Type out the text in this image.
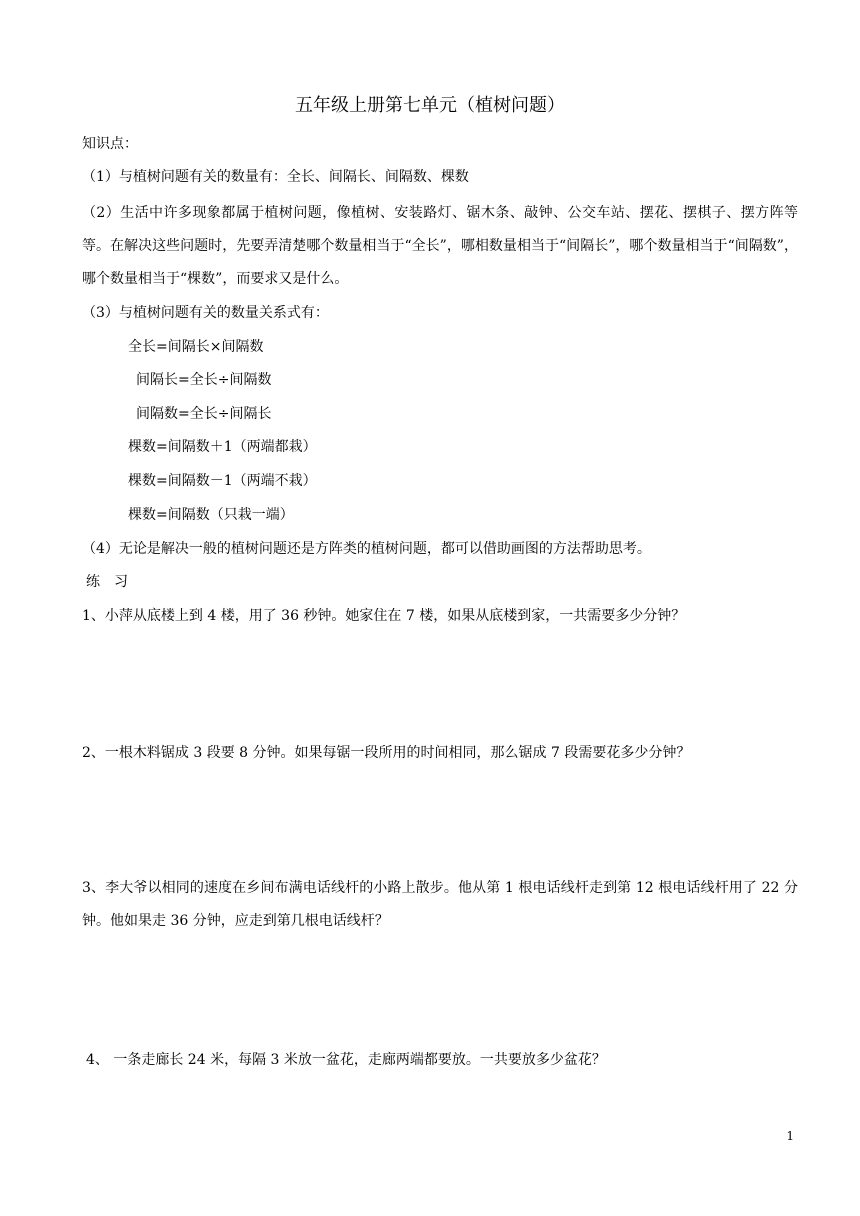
五年级上册第七单元（植树问题）
知识点：
（1）与植树问题有关的数量有：全长、间隔长、间隔数、棵数
（2）生活中许多现象都属于植树问题，像植树、安装路灯、锯木条、敲钟、公交车站、摆花、摆棋子、摆方阵等等。在解决这些问题时，先要弄清楚哪个数量相当于“全长”，哪相数量相当于“间隔长”，哪个数量相当于“间隔数”，哪个数量相当于“棵数”，而要求又是什么。
（3）与植树问题有关的数量关系式有：
全长=间隔长×间隔数
间隔长=全长÷间隔数
间隔数=全长÷间隔长
棵数=间隔数＋1（两端都栽）
棵数=间隔数－1（两端不栽）
棵数=间隔数（只栽一端）
（4）无论是解决一般的植树问题还是方阵类的植树问题，都可以借助画图的方法帮助思考。
练　习
1、小萍从底楼上到 4 楼，用了 36 秒钟。她家住在 7 楼，如果从底楼到家，一共需要多少分钟？
2、一根木料锯成 3 段要 8 分钟。如果每锯一段所用的时间相同，那么锯成 7 段需要花多少分钟？
3、李大爷以相同的速度在乡间布满电话线杆的小路上散步。他从第 1 根电话线杆走到第 12 根电话线杆用了 22 分钟。他如果走 36 分钟，应走到第几根电话线杆？
4、 一条走廊长 24 米，每隔 3 米放一盆花，走廊两端都要放。一共要放多少盆花？
1
